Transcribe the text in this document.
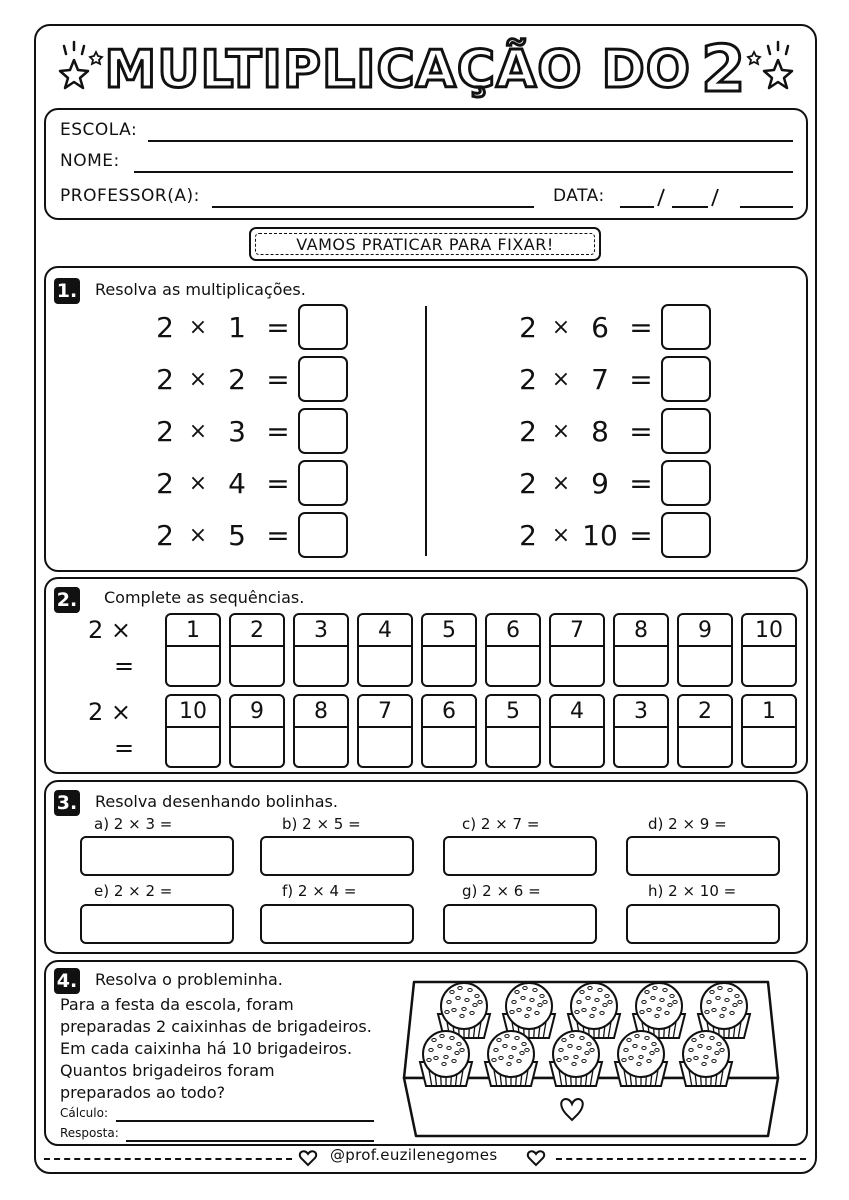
MULTIPLICAÇÃO DO 2
ESCOLA:
NOME:
PROFESSOR(A):	DATA:
VAMOS PRATICAR PARA FIXAR!
1. Resolva as multiplicações.
2 × 1 =
2 × 2 =
2 × 3 =
2 × 4 =
2 × 5 =
2 × 6 =
2 × 7 =
2 × 8 =
2 × 9 =
2 × 10 =
2. Complete as sequências.
2 ×
=
1	2	3	4	5	6	7	8	9	10
2 ×
=
10	9	8	7	6	5	4	3	2	1
3. Resolva desenhando bolinhas.
a) 2 × 3 =	b) 2 × 5 =	c) 2 × 7 =	d) 2 × 9 =
e) 2 × 2 =	f) 2 × 4 =	g) 2 × 6 =	h) 2 × 10 =
4. Resolva o probleminha.
Para a festa da escola, foram
preparadas 2 caixinhas de brigadeiros.
Em cada caixinha há 10 brigadeiros.
Quantos brigadeiros foram
preparados ao todo?
Cálculo:
Resposta:
@prof.euzilenegomes
